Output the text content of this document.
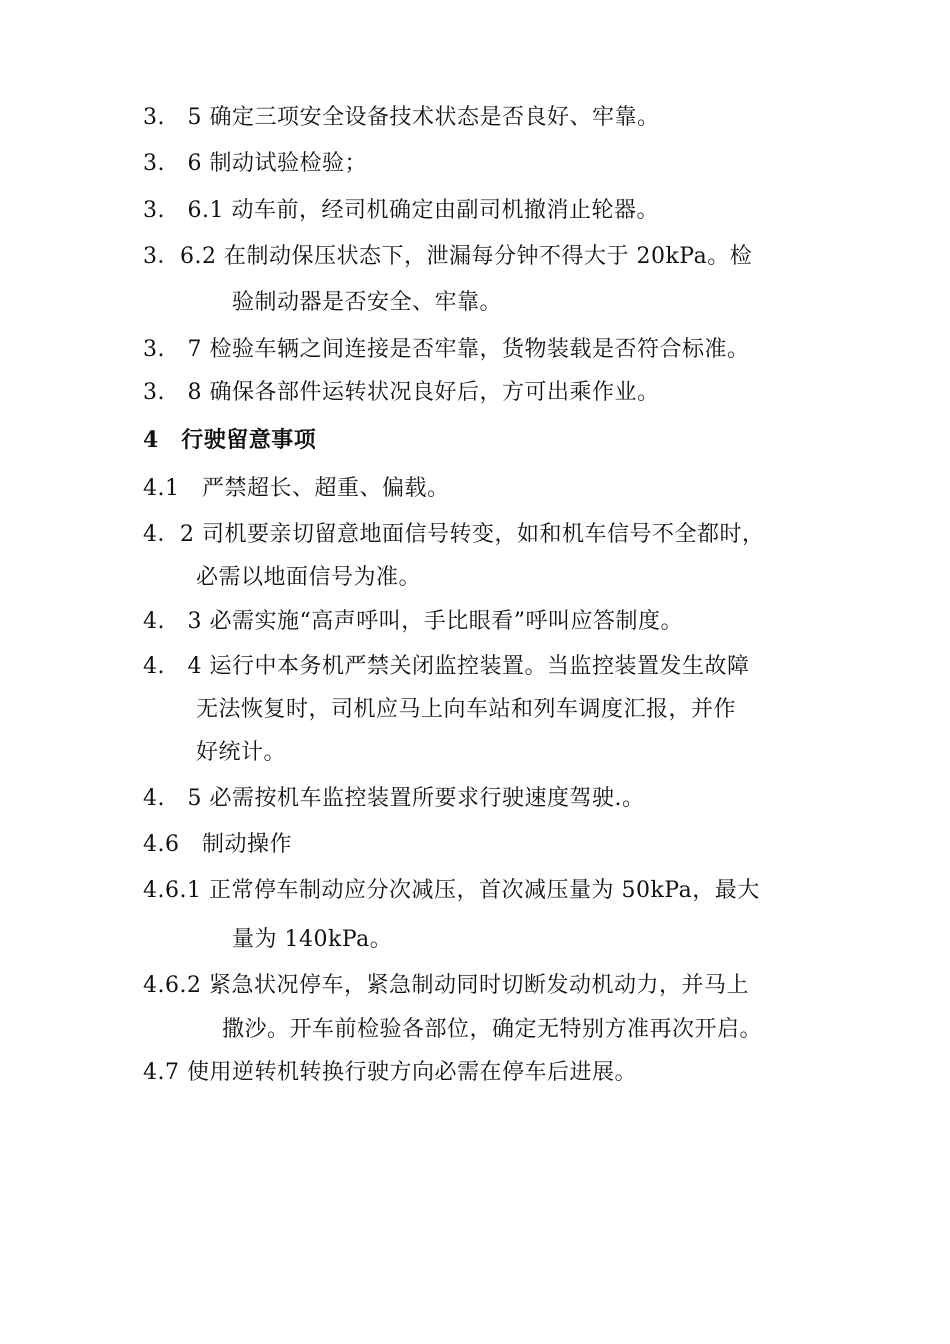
3.　5 确定三项安全设备技术状态是否良好、牢靠。
3.　6 制动试验检验；
3.　6.1 动车前，经司机确定由副司机撤消止轮器。
3．6.2 在制动保压状态下，泄漏每分钟不得大于 20kPa。检
验制动器是否安全、牢靠。
3.　7 检验车辆之间连接是否牢靠，货物装载是否符合标准。
3.　8 确保各部件运转状况良好后，方可出乘作业。
4　行驶留意事项
4.1　严禁超长、超重、偏载。
4．2 司机要亲切留意地面信号转变，如和机车信号不全都时，
必需以地面信号为准。
4.　3 必需实施“高声呼叫，手比眼看”呼叫应答制度。
4.　4 运行中本务机严禁关闭监控装置。当监控装置发生故障
无法恢复时，司机应马上向车站和列车调度汇报，并作
好统计。
4.　5 必需按机车监控装置所要求行驶速度驾驶.。
4.6　制动操作
4.6.1 正常停车制动应分次减压，首次减压量为 50kPa，最大
量为 140kPa。
4.6.2 紧急状况停车，紧急制动同时切断发动机动力，并马上
撒沙。开车前检验各部位，确定无特别方准再次开启。
4.7 使用逆转机转换行驶方向必需在停车后进展。
